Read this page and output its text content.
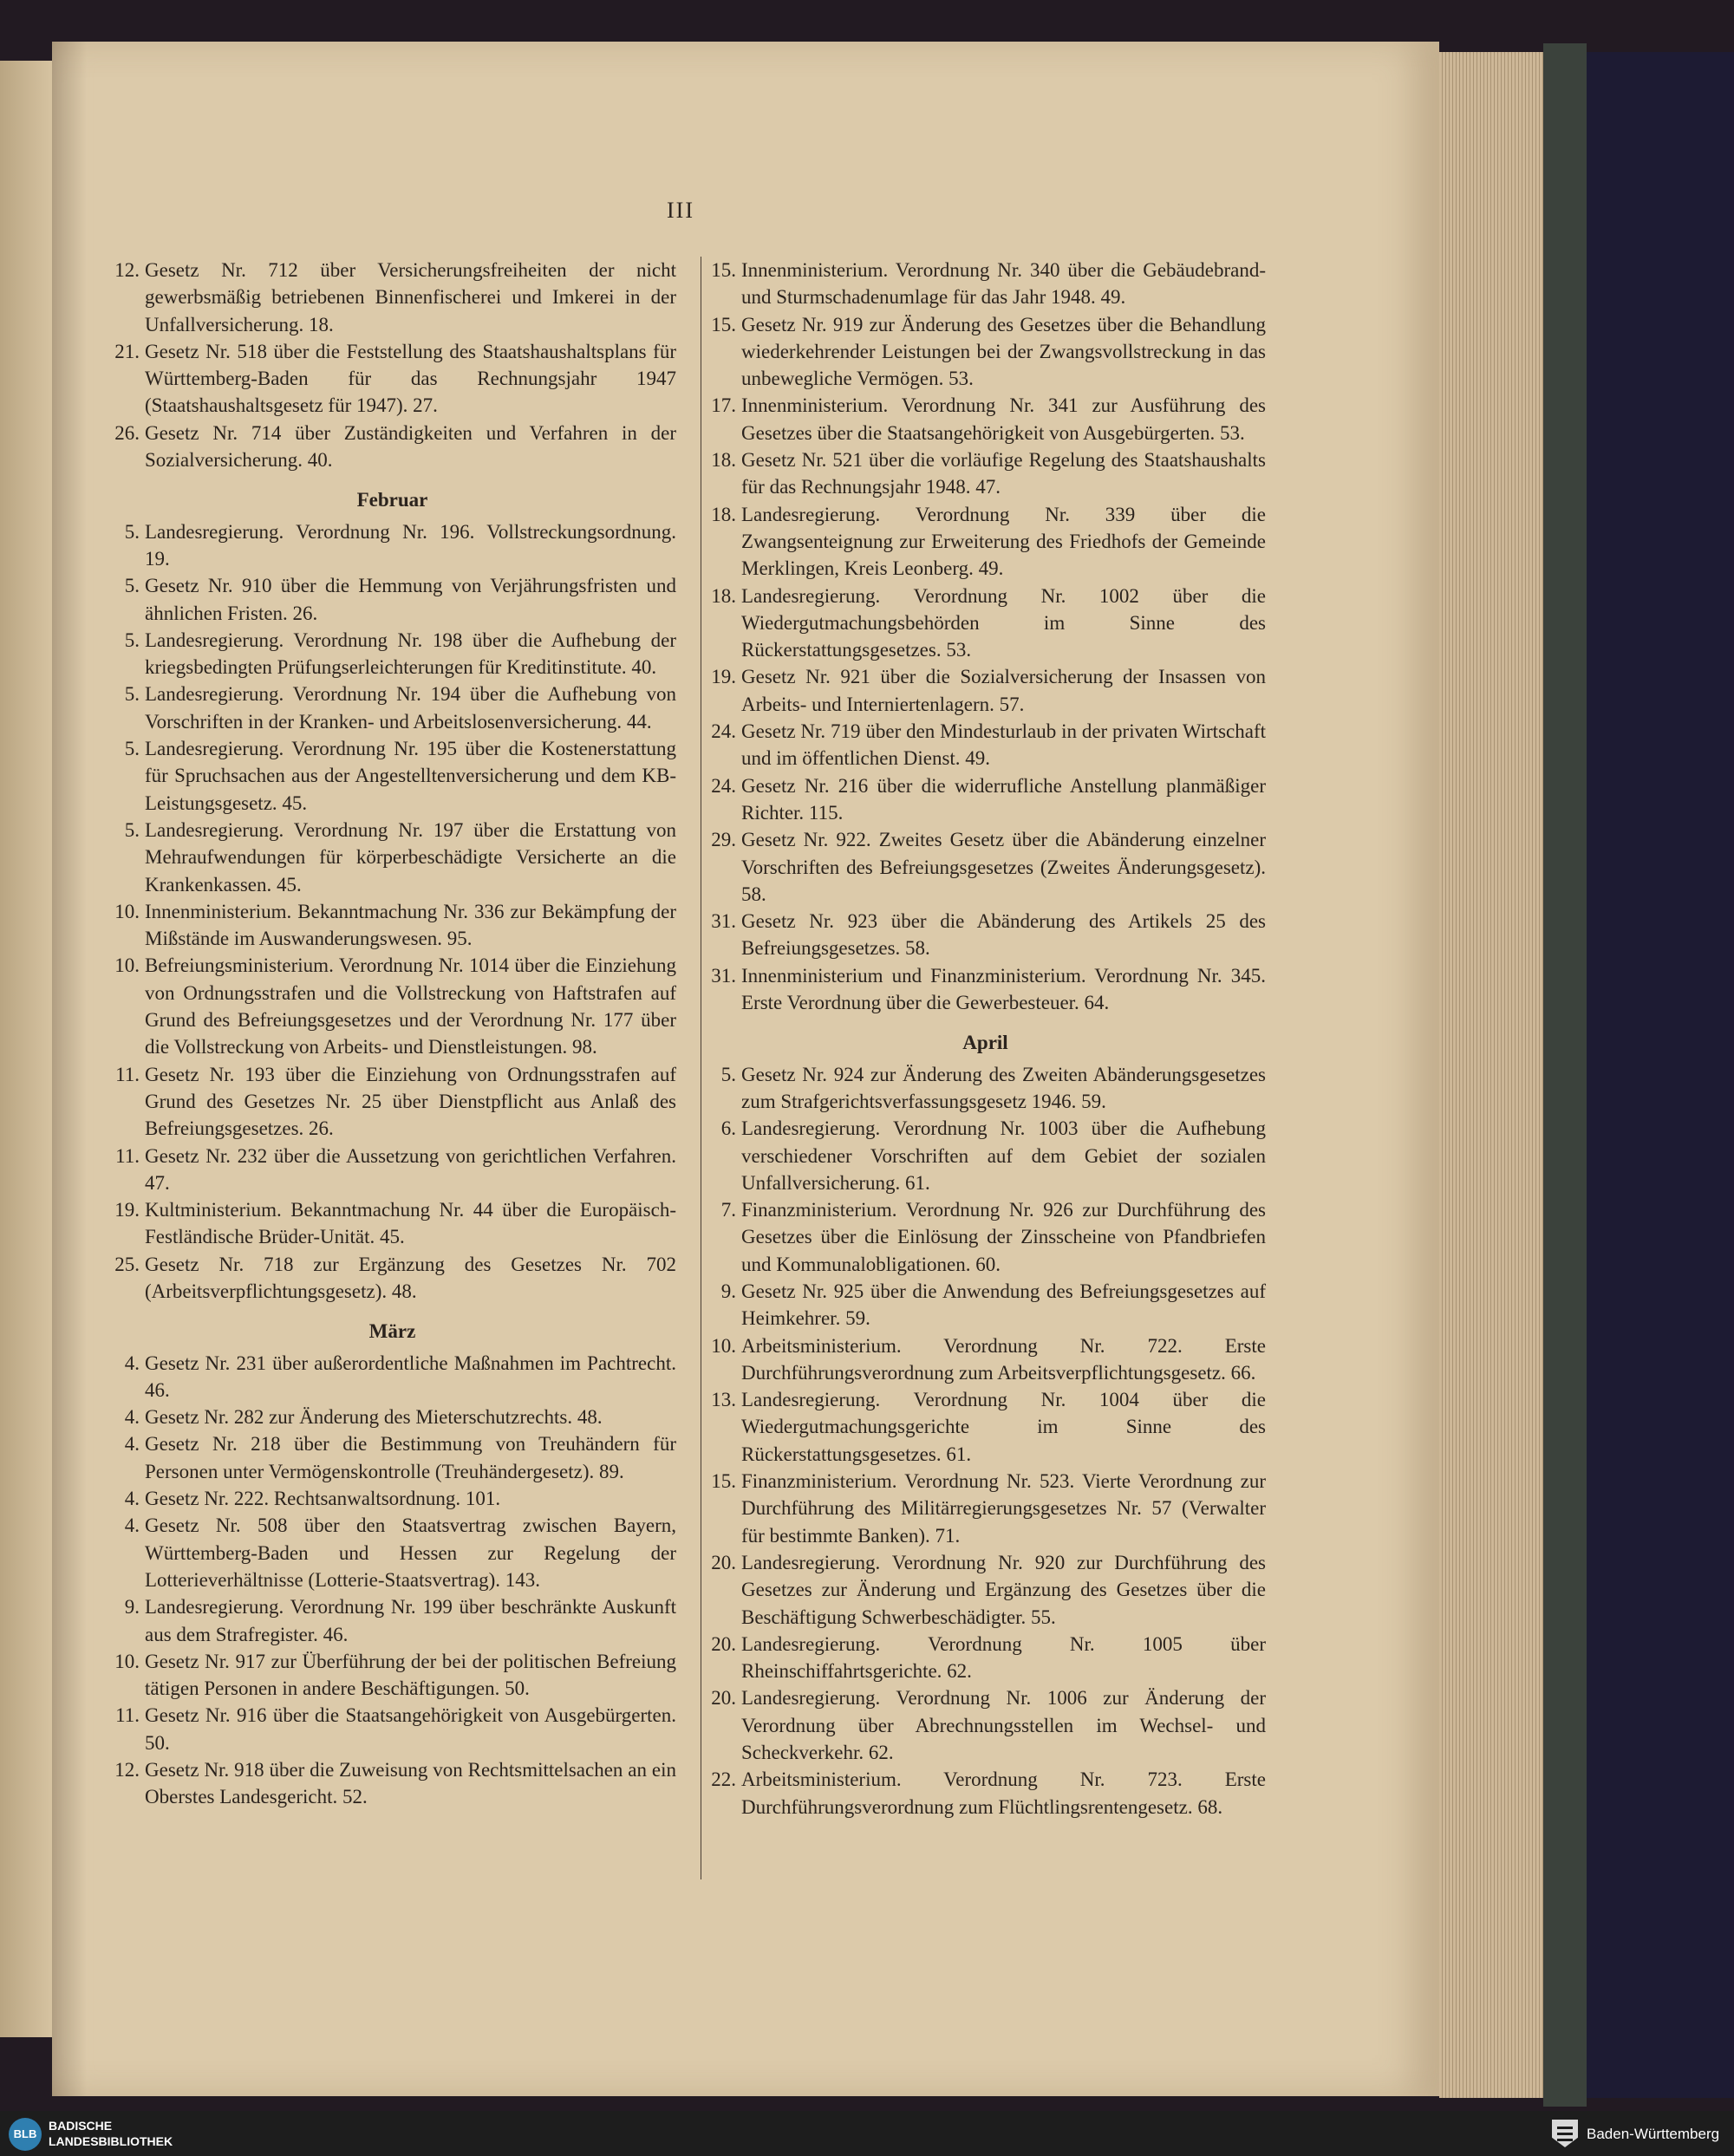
III
12. Gesetz Nr. 712 über Versicherungsfreiheiten der nicht gewerbsmäßig betriebenen Binnenfischerei und Imkerei in der Unfallversicherung. 18.
21. Gesetz Nr. 518 über die Feststellung des Staatshaushaltsplans für Württemberg-Baden für das Rechnungsjahr 1947 (Staatshaushaltsgesetz für 1947). 27.
26. Gesetz Nr. 714 über Zuständigkeiten und Verfahren in der Sozialversicherung. 40.
Februar
5. Landesregierung. Verordnung Nr. 196. Vollstreckungsordnung. 19.
5. Gesetz Nr. 910 über die Hemmung von Verjährungsfristen und ähnlichen Fristen. 26.
5. Landesregierung. Verordnung Nr. 198 über die Aufhebung der kriegsbedingten Prüfungserleichterungen für Kreditinstitute. 40.
5. Landesregierung. Verordnung Nr. 194 über die Aufhebung von Vorschriften in der Kranken- und Arbeitslosenversicherung. 44.
5. Landesregierung. Verordnung Nr. 195 über die Kostenerstattung für Spruchsachen aus der Angestelltenversicherung und dem KB-Leistungsgesetz. 45.
5. Landesregierung. Verordnung Nr. 197 über die Erstattung von Mehraufwendungen für körperbeschädigte Versicherte an die Krankenkassen. 45.
10. Innenministerium. Bekanntmachung Nr. 336 zur Bekämpfung der Mißstände im Auswanderungswesen. 95.
10. Befreiungsministerium. Verordnung Nr. 1014 über die Einziehung von Ordnungsstrafen und die Vollstreckung von Haftstrafen auf Grund des Befreiungsgesetzes und der Verordnung Nr. 177 über die Vollstreckung von Arbeits- und Dienstleistungen. 98.
11. Gesetz Nr. 193 über die Einziehung von Ordnungsstrafen auf Grund des Gesetzes Nr. 25 über Dienstpflicht aus Anlaß des Befreiungsgesetzes. 26.
11. Gesetz Nr. 232 über die Aussetzung von gerichtlichen Verfahren. 47.
19. Kultministerium. Bekanntmachung Nr. 44 über die Europäisch-Festländische Brüder-Unität. 45.
25. Gesetz Nr. 718 zur Ergänzung des Gesetzes Nr. 702 (Arbeitsverpflichtungsgesetz). 48.
März
4. Gesetz Nr. 231 über außerordentliche Maßnahmen im Pachtrecht. 46.
4. Gesetz Nr. 282 zur Änderung des Mieterschutzrechts. 48.
4. Gesetz Nr. 218 über die Bestimmung von Treuhändern für Personen unter Vermögenskontrolle (Treuhändergesetz). 89.
4. Gesetz Nr. 222. Rechtsanwaltsordnung. 101.
4. Gesetz Nr. 508 über den Staatsvertrag zwischen Bayern, Württemberg-Baden und Hessen zur Regelung der Lotterieverhältnisse (Lotterie-Staatsvertrag). 143.
9. Landesregierung. Verordnung Nr. 199 über beschränkte Auskunft aus dem Strafregister. 46.
10. Gesetz Nr. 917 zur Überführung der bei der politischen Befreiung tätigen Personen in andere Beschäftigungen. 50.
11. Gesetz Nr. 916 über die Staatsangehörigkeit von Ausgebürgerten. 50.
12. Gesetz Nr. 918 über die Zuweisung von Rechtsmittelsachen an ein Oberstes Landesgericht. 52.
15. Innenministerium. Verordnung Nr. 340 über die Gebäudebrand- und Sturmschadenumlage für das Jahr 1948. 49.
15. Gesetz Nr. 919 zur Änderung des Gesetzes über die Behandlung wiederkehrender Leistungen bei der Zwangsvollstreckung in das unbewegliche Vermögen. 53.
17. Innenministerium. Verordnung Nr. 341 zur Ausführung des Gesetzes über die Staatsangehörigkeit von Ausgebürgerten. 53.
18. Gesetz Nr. 521 über die vorläufige Regelung des Staatshaushalts für das Rechnungsjahr 1948. 47.
18. Landesregierung. Verordnung Nr. 339 über die Zwangsenteignung zur Erweiterung des Friedhofs der Gemeinde Merklingen, Kreis Leonberg. 49.
18. Landesregierung. Verordnung Nr. 1002 über die Wiedergutmachungsbehörden im Sinne des Rückerstattungsgesetzes. 53.
19. Gesetz Nr. 921 über die Sozialversicherung der Insassen von Arbeits- und Interniertenlagern. 57.
24. Gesetz Nr. 719 über den Mindesturlaub in der privaten Wirtschaft und im öffentlichen Dienst. 49.
24. Gesetz Nr. 216 über die widerrufliche Anstellung planmäßiger Richter. 115.
29. Gesetz Nr. 922. Zweites Gesetz über die Abänderung einzelner Vorschriften des Befreiungsgesetzes (Zweites Änderungsgesetz). 58.
31. Gesetz Nr. 923 über die Abänderung des Artikels 25 des Befreiungsgesetzes. 58.
31. Innenministerium und Finanzministerium. Verordnung Nr. 345. Erste Verordnung über die Gewerbesteuer. 64.
April
5. Gesetz Nr. 924 zur Änderung des Zweiten Abänderungsgesetzes zum Strafgerichtsverfassungsgesetz 1946. 59.
6. Landesregierung. Verordnung Nr. 1003 über die Aufhebung verschiedener Vorschriften auf dem Gebiet der sozialen Unfallversicherung. 61.
7. Finanzministerium. Verordnung Nr. 926 zur Durchführung des Gesetzes über die Einlösung der Zinsscheine von Pfandbriefen und Kommunalobligationen. 60.
9. Gesetz Nr. 925 über die Anwendung des Befreiungsgesetzes auf Heimkehrer. 59.
10. Arbeitsministerium. Verordnung Nr. 722. Erste Durchführungsverordnung zum Arbeitsverpflichtungsgesetz. 66.
13. Landesregierung. Verordnung Nr. 1004 über die Wiedergutmachungsgerichte im Sinne des Rückerstattungsgesetzes. 61.
15. Finanzministerium. Verordnung Nr. 523. Vierte Verordnung zur Durchführung des Militärregierungsgesetzes Nr. 57 (Verwalter für bestimmte Banken). 71.
20. Landesregierung. Verordnung Nr. 920 zur Durchführung des Gesetzes zur Änderung und Ergänzung des Gesetzes über die Beschäftigung Schwerbeschädigter. 55.
20. Landesregierung. Verordnung Nr. 1005 über Rheinschiffahrtsgerichte. 62.
20. Landesregierung. Verordnung Nr. 1006 zur Änderung der Verordnung über Abrechnungsstellen im Wechsel- und Scheckverkehr. 62.
22. Arbeitsministerium. Verordnung Nr. 723. Erste Durchführungsverordnung zum Flüchtlingsrentengesetz. 68.
BLB
BADISCHE
LANDESBIBLIOTHEK	Baden-Württemberg
